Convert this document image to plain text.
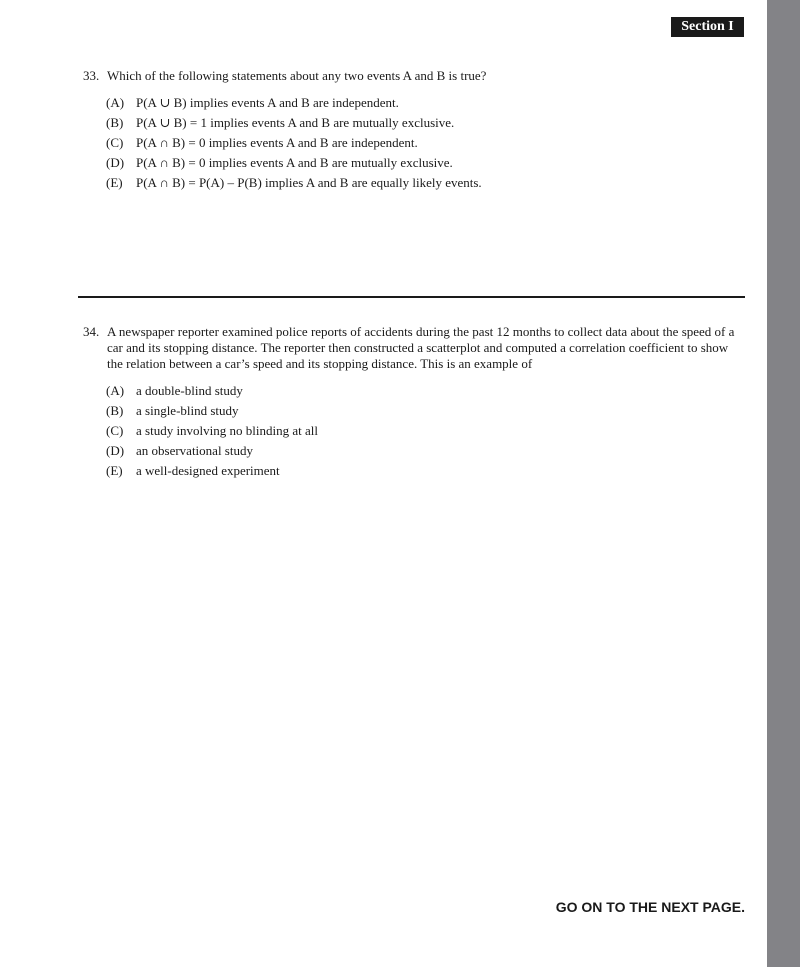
Section I
33. Which of the following statements about any two events A and B is true?
(A) P(A ∪ B) implies events A and B are independent.
(B) P(A ∪ B) = 1 implies events A and B are mutually exclusive.
(C) P(A ∩ B) = 0 implies events A and B are independent.
(D) P(A ∩ B) = 0 implies events A and B are mutually exclusive.
(E) P(A ∩ B) = P(A) – P(B) implies A and B are equally likely events.
34. A newspaper reporter examined police reports of accidents during the past 12 months to collect data about the speed of a car and its stopping distance. The reporter then constructed a scatterplot and computed a correlation coefficient to show the relation between a car’s speed and its stopping distance. This is an example of
(A) a double-blind study
(B) a single-blind study
(C) a study involving no blinding at all
(D) an observational study
(E) a well-designed experiment
GO ON TO THE NEXT PAGE.
